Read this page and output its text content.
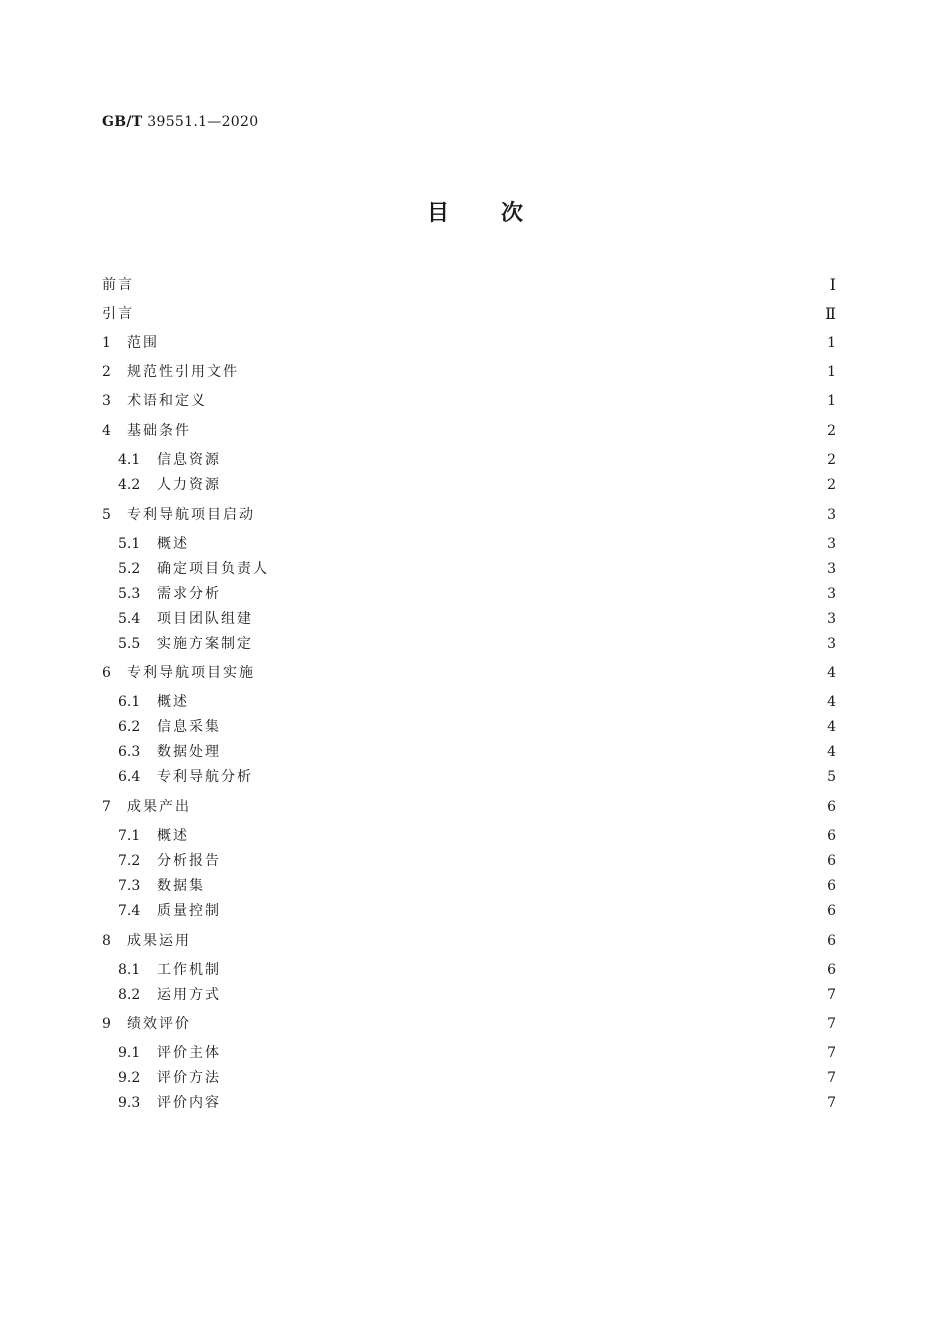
GB/T 39551.1—2020
目 次
前言	Ⅰ
引言	Ⅱ
1	范围	1
2	规范性引用文件	1
3	术语和定义	1
4	基础条件	2
4.1	信息资源	2
4.2	人力资源	2
5	专利导航项目启动	3
5.1	概述	3
5.2	确定项目负责人	3
5.3	需求分析	3
5.4	项目团队组建	3
5.5	实施方案制定	3
6	专利导航项目实施	4
6.1	概述	4
6.2	信息采集	4
6.3	数据处理	4
6.4	专利导航分析	5
7	成果产出	6
7.1	概述	6
7.2	分析报告	6
7.3	数据集	6
7.4	质量控制	6
8	成果运用	6
8.1	工作机制	6
8.2	运用方式	7
9	绩效评价	7
9.1	评价主体	7
9.2	评价方法	7
9.3	评价内容	7
